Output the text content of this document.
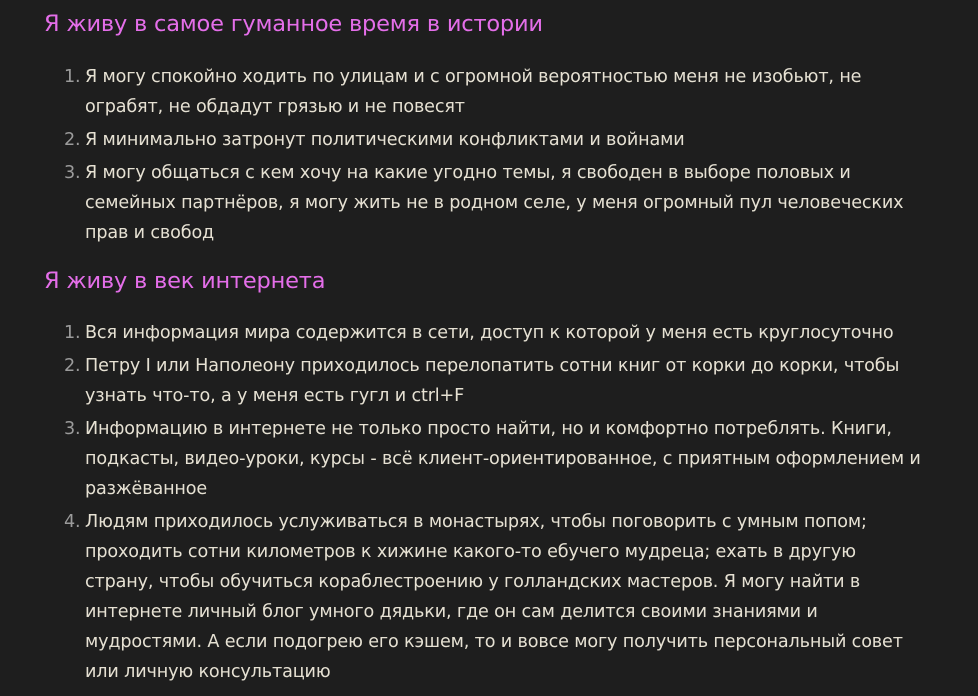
Я живу в самое гуманное время в истории
1. Я могу спокойно ходить по улицам и с огромной вероятностью меня не изобьют, не ограбят, не обдадут грязью и не повесят
2. Я минимально затронут политическими конфликтами и войнами
3. Я могу общаться с кем хочу на какие угодно темы, я свободен в выборе половых и семейных партнёров, я могу жить не в родном селе, у меня огромный пул человеческих прав и свобод
Я живу в век интернета
1. Вся информация мира содержится в сети, доступ к которой у меня есть круглосуточно
2. Петру I или Наполеону приходилось перелопатить сотни книг от корки до корки, чтобы узнать что-то, а у меня есть гугл и ctrl+F
3. Информацию в интернете не только просто найти, но и комфортно потреблять. Книги, подкасты, видео-уроки, курсы - всё клиент-ориентированное, с приятным оформлением и разжёванное
4. Людям приходилось услуживаться в монастырях, чтобы поговорить с умным попом; проходить сотни километров к хижине какого-то ебучего мудреца; ехать в другую страну, чтобы обучиться кораблестроению у голландских мастеров. Я могу найти в интернете личный блог умного дядьки, где он сам делится своими знаниями и мудростями. А если подогрею его кэшем, то и вовсе могу получить персональный совет или личную консультацию
